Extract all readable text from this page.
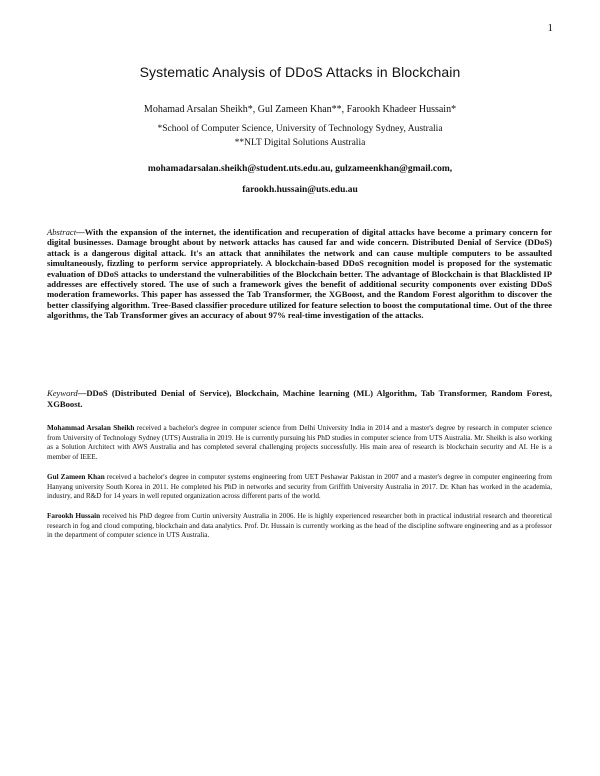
1
Systematic Analysis of DDoS Attacks in Blockchain
Mohamad Arsalan Sheikh*, Gul Zameen Khan**, Farookh Khadeer Hussain*
*School of Computer Science, University of Technology Sydney, Australia
**NLT Digital Solutions Australia
mohamadarsalan.sheikh@student.uts.edu.au, gulzameenkhan@gmail.com,
farookh.hussain@uts.edu.au
Abstract—With the expansion of the internet, the identification and recuperation of digital attacks have become a primary concern for digital businesses. Damage brought about by network attacks has caused far and wide concern. Distributed Denial of Service (DDoS) attack is a dangerous digital attack. It's an attack that annihilates the network and can cause multiple computers to be assaulted simultaneously, fizzling to perform service appropriately. A blockchain-based DDoS recognition model is proposed for the systematic evaluation of DDoS attacks to understand the vulnerabilities of the Blockchain better. The advantage of Blockchain is that Blacklisted IP addresses are effectively stored. The use of such a framework gives the benefit of additional security components over existing DDoS moderation frameworks. This paper has assessed the Tab Transformer, the XGBoost, and the Random Forest algorithm to discover the better classifying algorithm. Tree-Based classifier procedure utilized for feature selection to boost the computational time. Out of the three algorithms, the Tab Transformer gives an accuracy of about 97% real-time investigation of the attacks.
Keyword—DDoS (Distributed Denial of Service), Blockchain, Machine learning (ML) Algorithm, Tab Transformer, Random Forest, XGBoost.
Mohammad Arsalan Sheikh received a bachelor's degree in computer science from Delhi University India in 2014 and a master's degree by research in computer science from University of Technology Sydney (UTS) Australia in 2019. He is currently pursuing his PhD studies in computer science from UTS Australia. Mr. Sheikh is also working as a Solution Architect with AWS Australia and has completed several challenging projects successfully. His main area of research is blockchain security and AI. He is a member of IEEE.
Gul Zameen Khan received a bachelor's degree in computer systems engineering from UET Peshawar Pakistan in 2007 and a master's degree in computer engineering from Hanyang university South Korea in 2011. He completed his PhD in networks and security from Griffith University Australia in 2017. Dr. Khan has worked in the academia, industry, and R&D for 14 years in well reputed organization across different parts of the world.
Farookh Hussain received his PhD degree from Curtin university Australia in 2006. He is highly experienced researcher both in practical industrial research and theoretical research in fog and cloud computing, blockchain and data analytics. Prof. Dr. Hussain is currently working as the head of the discipline software engineering and as a professor in the department of computer science in UTS Australia.
